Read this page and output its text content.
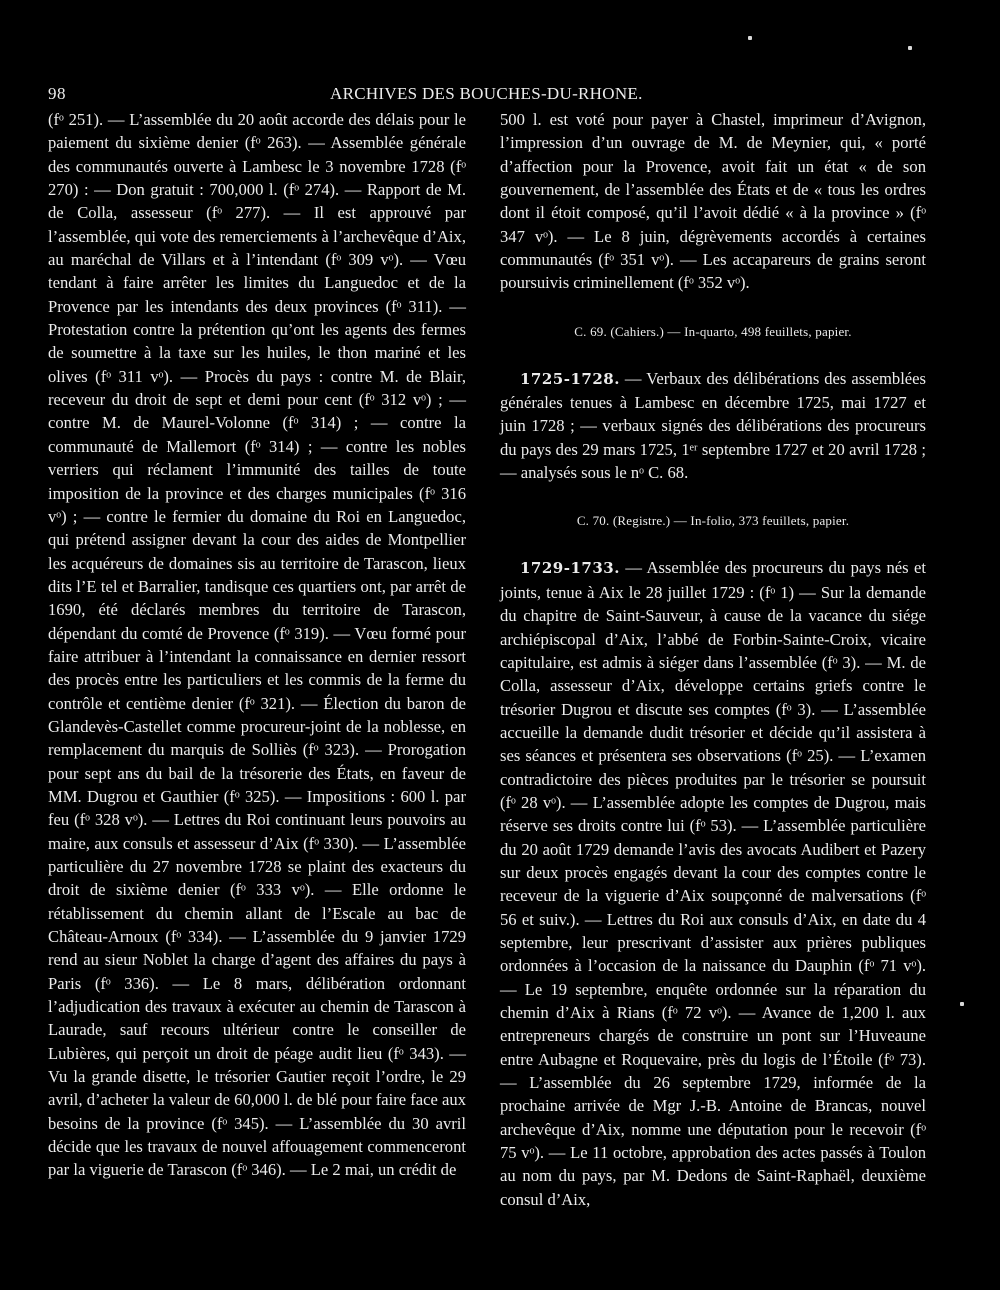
98	ARCHIVES DES BOUCHES-DU-RHONE.

(fᵒ 251). — L’assemblée du 20 août accorde des délais pour le paiement du sixième denier (fᵒ 263). — Assemblée générale des communautés ouverte à Lambesc le 3 novembre 1728 (fᵒ 270) : — Don gratuit : 700,000 l. (fᵒ 274). — Rapport de M. de Colla, assesseur (fᵒ 277). — Il est approuvé par l’assemblée, qui vote des remerciements à l’archevêque d’Aix, au maréchal de Villars et à l’intendant (fᵒ 309 vᵒ). — Vœu tendant à faire arrêter les limites du Languedoc et de la Provence par les intendants des deux provinces (fᵒ 311). — Protestation contre la prétention qu’ont les agents des fermes de soumettre à la taxe sur les huiles, le thon mariné et les olives (fᵒ 311 vᵒ). — Procès du pays : contre M. de Blair, receveur du droit de sept et demi pour cent (fᵒ 312 vᵒ) ; — contre M. de Maurel-Volonne (fᵒ 314) ; — contre la communauté de Mallemort (fᵒ 314) ; — contre les nobles verriers qui réclament l’immunité des tailles de toute imposition de la province et des charges municipales (fᵒ 316 vᵒ) ; — contre le fermier du domaine du Roi en Languedoc, qui prétend assigner devant la cour des aides de Montpellier les acquéreurs de domaines sis au territoire de Tarascon, lieux dits l’E tel et Barralier, tandisque ces quartiers ont, par arrêt de 1690, été déclarés membres du territoire de Tarascon, dépendant du comté de Provence (fᵒ 319). — Vœu formé pour faire attribuer à l’intendant la connaissance en dernier ressort des procès entre les particuliers et les commis de la ferme du contrôle et centième denier (fᵒ 321). — Élection du baron de Glandevès-Castellet comme procureur-joint de la noblesse, en remplacement du marquis de Solliès (fᵒ 323). — Prorogation pour sept ans du bail de la trésorerie des États, en faveur de MM. Dugrou et Gauthier (fᵒ 325). — Impositions : 600 l. par feu (fᵒ 328 vᵒ). — Lettres du Roi continuant leurs pouvoirs au maire, aux consuls et assesseur d’Aix (fᵒ 330). — L’assemblée particulière du 27 novembre 1728 se plaint des exacteurs du droit de sixième denier (fᵒ 333 vᵒ). — Elle ordonne le rétablissement du chemin allant de l’Escale au bac de Château-Arnoux (fᵒ 334). — L’assemblée du 9 janvier 1729 rend au sieur Noblet la charge d’agent des affaires du pays à Paris (fᵒ 336). — Le 8 mars, délibération ordonnant l’adjudication des travaux à exécuter au chemin de Tarascon à Laurade, sauf recours ultérieur contre le conseiller de Lubières, qui perçoit un droit de péage audit lieu (fᵒ 343). — Vu la grande disette, le trésorier Gautier reçoit l’ordre, le 29 avril, d’acheter la valeur de 60,000 l. de blé pour faire face aux besoins de la province (fᵒ 345). — L’assemblée du 30 avril décide que les travaux de nouvel affouagement commenceront par la viguerie de Tarascon (fᵒ 346). — Le 2 mai, un crédit de

500 l. est voté pour payer à Chastel, imprimeur d’Avignon, l’impression d’un ouvrage de M. de Meynier, qui, « porté d’affection pour la Provence, avoit fait un état « de son gouvernement, de l’assemblée des États et de « tous les ordres dont il étoit composé, qu’il l’avoit dédié « à la province » (fᵒ 347 vᵒ). — Le 8 juin, dégrèvements accordés à certaines communautés (fᵒ 351 vᵒ). — Les accapareurs de grains seront poursuivis criminellement (fᵒ 352 vᵒ).

C. 69. (Cahiers.) — In-quarto, 498 feuillets, papier.

1725-1728. — Verbaux des délibérations des assemblées générales tenues à Lambesc en décembre 1725, mai 1727 et juin 1728 ; — verbaux signés des délibérations des procureurs du pays des 29 mars 1725, 1ᵉʳ septembre 1727 et 20 avril 1728 ; — analysés sous le nᵒ C. 68.

C. 70. (Registre.) — In-folio, 373 feuillets, papier.

1729-1733. — Assemblée des procureurs du pays nés et joints, tenue à Aix le 28 juillet 1729 : (fᵒ 1) — Sur la demande du chapitre de Saint-Sauveur, à cause de la vacance du siége archiépiscopal d’Aix, l’abbé de Forbin-Sainte-Croix, vicaire capitulaire, est admis à siéger dans l’assemblée (fᵒ 3). — M. de Colla, assesseur d’Aix, développe certains griefs contre le trésorier Dugrou et discute ses comptes (fᵒ 3). — L’assemblée accueille la demande dudit trésorier et décide qu’il assistera à ses séances et présentera ses observations (fᵒ 25). — L’examen contradictoire des pièces produites par le trésorier se poursuit (fᵒ 28 vᵒ). — L’assemblée adopte les comptes de Dugrou, mais réserve ses droits contre lui (fᵒ 53). — L’assemblée particulière du 20 août 1729 demande l’avis des avocats Audibert et Pazery sur deux procès engagés devant la cour des comptes contre le receveur de la viguerie d’Aix soupçonné de malversations (fᵒ 56 et suiv.). — Lettres du Roi aux consuls d’Aix, en date du 4 septembre, leur prescrivant d’assister aux prières publiques ordonnées à l’occasion de la naissance du Dauphin (fᵒ 71 vᵒ). — Le 19 septembre, enquête ordonnée sur la réparation du chemin d’Aix à Rians (fᵒ 72 vᵒ). — Avance de 1,200 l. aux entrepreneurs chargés de construire un pont sur l’Huveaune entre Aubagne et Roquevaire, près du logis de l’Étoile (fᵒ 73). — L’assemblée du 26 septembre 1729, informée de la prochaine arrivée de Mgr J.-B. Antoine de Brancas, nouvel archevêque d’Aix, nomme une députation pour le recevoir (fᵒ 75 vᵒ). — Le 11 octobre, approbation des actes passés à Toulon au nom du pays, par M. Dedons de Saint-Raphaël, deuxième consul d’Aix,
